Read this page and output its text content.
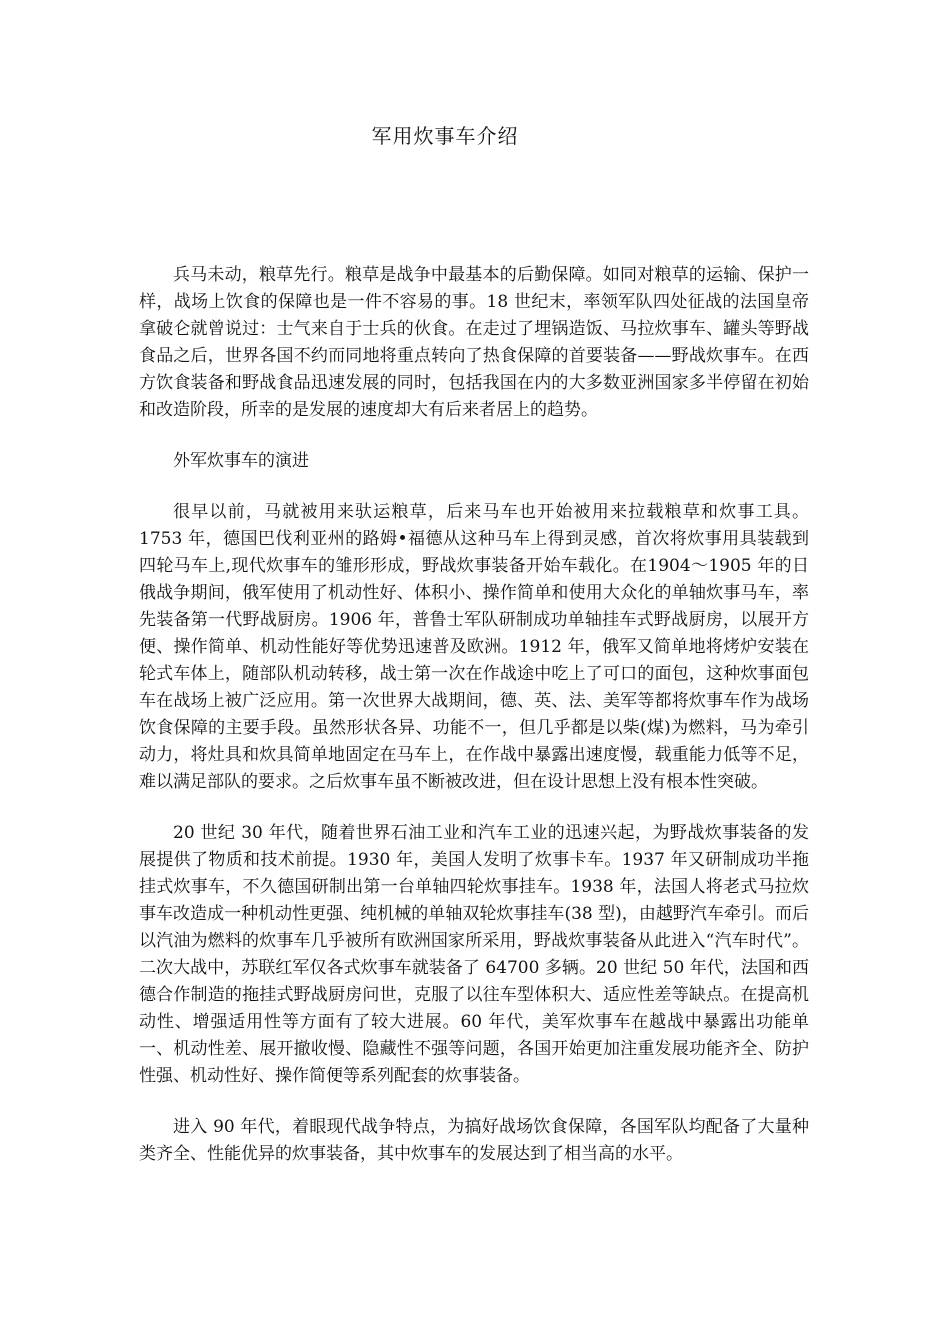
军用炊事车介绍

兵马未动，粮草先行。粮草是战争中最基本的后勤保障。如同对粮草的运输、保护一样，战场上饮食的保障也是一件不容易的事。18 世纪末，率领军队四处征战的法国皇帝拿破仑就曾说过：士气来自于士兵的伙食。在走过了埋锅造饭、马拉炊事车、罐头等野战食品之后，世界各国不约而同地将重点转向了热食保障的首要装备——野战炊事车。在西方饮食装备和野战食品迅速发展的同时，包括我国在内的大多数亚洲国家多半停留在初始和改造阶段，所幸的是发展的速度却大有后来者居上的趋势。

外军炊事车的演进

很早以前，马就被用来驮运粮草，后来马车也开始被用来拉载粮草和炊事工具。1753 年，德国巴伐利亚州的路姆•福德从这种马车上得到灵感，首次将炊事用具装载到四轮马车上,现代炊事车的雏形形成，野战炊事装备开始车载化。在1904～1905 年的日俄战争期间，俄军使用了机动性好、体积小、操作简单和使用大众化的单轴炊事马车，率先装备第一代野战厨房。1906 年，普鲁士军队研制成功单轴挂车式野战厨房，以展开方便、操作简单、机动性能好等优势迅速普及欧洲。1912 年，俄军又简单地将烤炉安装在轮式车体上，随部队机动转移，战士第一次在作战途中吃上了可口的面包，这种炊事面包车在战场上被广泛应用。第一次世界大战期间，德、英、法、美军等都将炊事车作为战场饮食保障的主要手段。虽然形状各异、功能不一，但几乎都是以柴(煤)为燃料，马为牵引动力，将灶具和炊具简单地固定在马车上，在作战中暴露出速度慢，载重能力低等不足，难以满足部队的要求。之后炊事车虽不断被改进，但在设计思想上没有根本性突破。

20 世纪 30 年代，随着世界石油工业和汽车工业的迅速兴起，为野战炊事装备的发展提供了物质和技术前提。1930 年，美国人发明了炊事卡车。1937 年又研制成功半拖挂式炊事车，不久德国研制出第一台单轴四轮炊事挂车。1938 年，法国人将老式马拉炊事车改造成一种机动性更强、纯机械的单轴双轮炊事挂车(38 型)，由越野汽车牵引。而后以汽油为燃料的炊事车几乎被所有欧洲国家所采用，野战炊事装备从此进入“汽车时代”。二次大战中，苏联红军仅各式炊事车就装备了 64700 多辆。20 世纪 50 年代，法国和西德合作制造的拖挂式野战厨房问世，克服了以往车型体积大、适应性差等缺点。在提高机动性、增强适用性等方面有了较大进展。60 年代，美军炊事车在越战中暴露出功能单一、机动性差、展开撤收慢、隐藏性不强等问题，各国开始更加注重发展功能齐全、防护性强、机动性好、操作简便等系列配套的炊事装备。

进入 90 年代，着眼现代战争特点，为搞好战场饮食保障，各国军队均配备了大量种类齐全、性能优异的炊事装备，其中炊事车的发展达到了相当高的水平。
